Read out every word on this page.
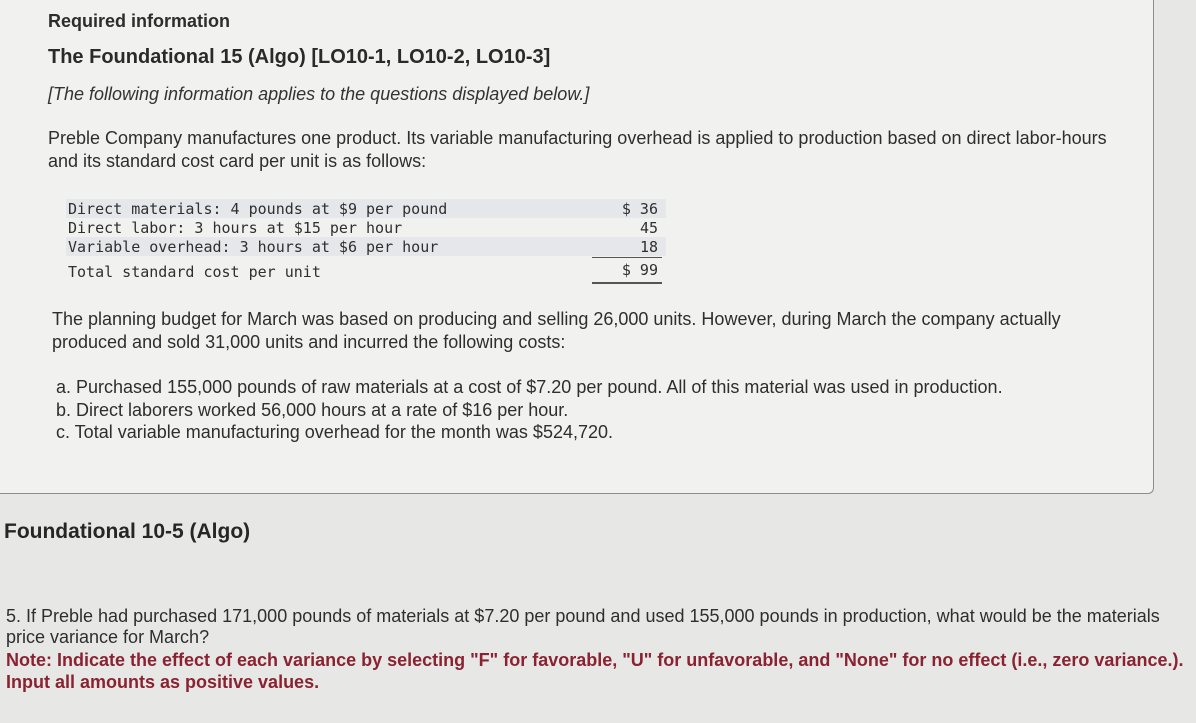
Required information
The Foundational 15 (Algo) [LO10-1, LO10-2, LO10-3]
[The following information applies to the questions displayed below.]
Preble Company manufactures one product. Its variable manufacturing overhead is applied to production based on direct labor-hours and its standard cost card per unit is as follows:
Direct materials: 4 pounds at $9 per pound	$ 36
Direct labor: 3 hours at $15 per hour	45
Variable overhead: 3 hours at $6 per hour	18
Total standard cost per unit	$ 99
The planning budget for March was based on producing and selling 26,000 units. However, during March the company actually produced and sold 31,000 units and incurred the following costs:
a. Purchased 155,000 pounds of raw materials at a cost of $7.20 per pound. All of this material was used in production.
b. Direct laborers worked 56,000 hours at a rate of $16 per hour.
c. Total variable manufacturing overhead for the month was $524,720.
Foundational 10-5 (Algo)
5. If Preble had purchased 171,000 pounds of materials at $7.20 per pound and used 155,000 pounds in production, what would be the materials price variance for March?
Note: Indicate the effect of each variance by selecting "F" for favorable, "U" for unfavorable, and "None" for no effect (i.e., zero variance.). Input all amounts as positive values.
